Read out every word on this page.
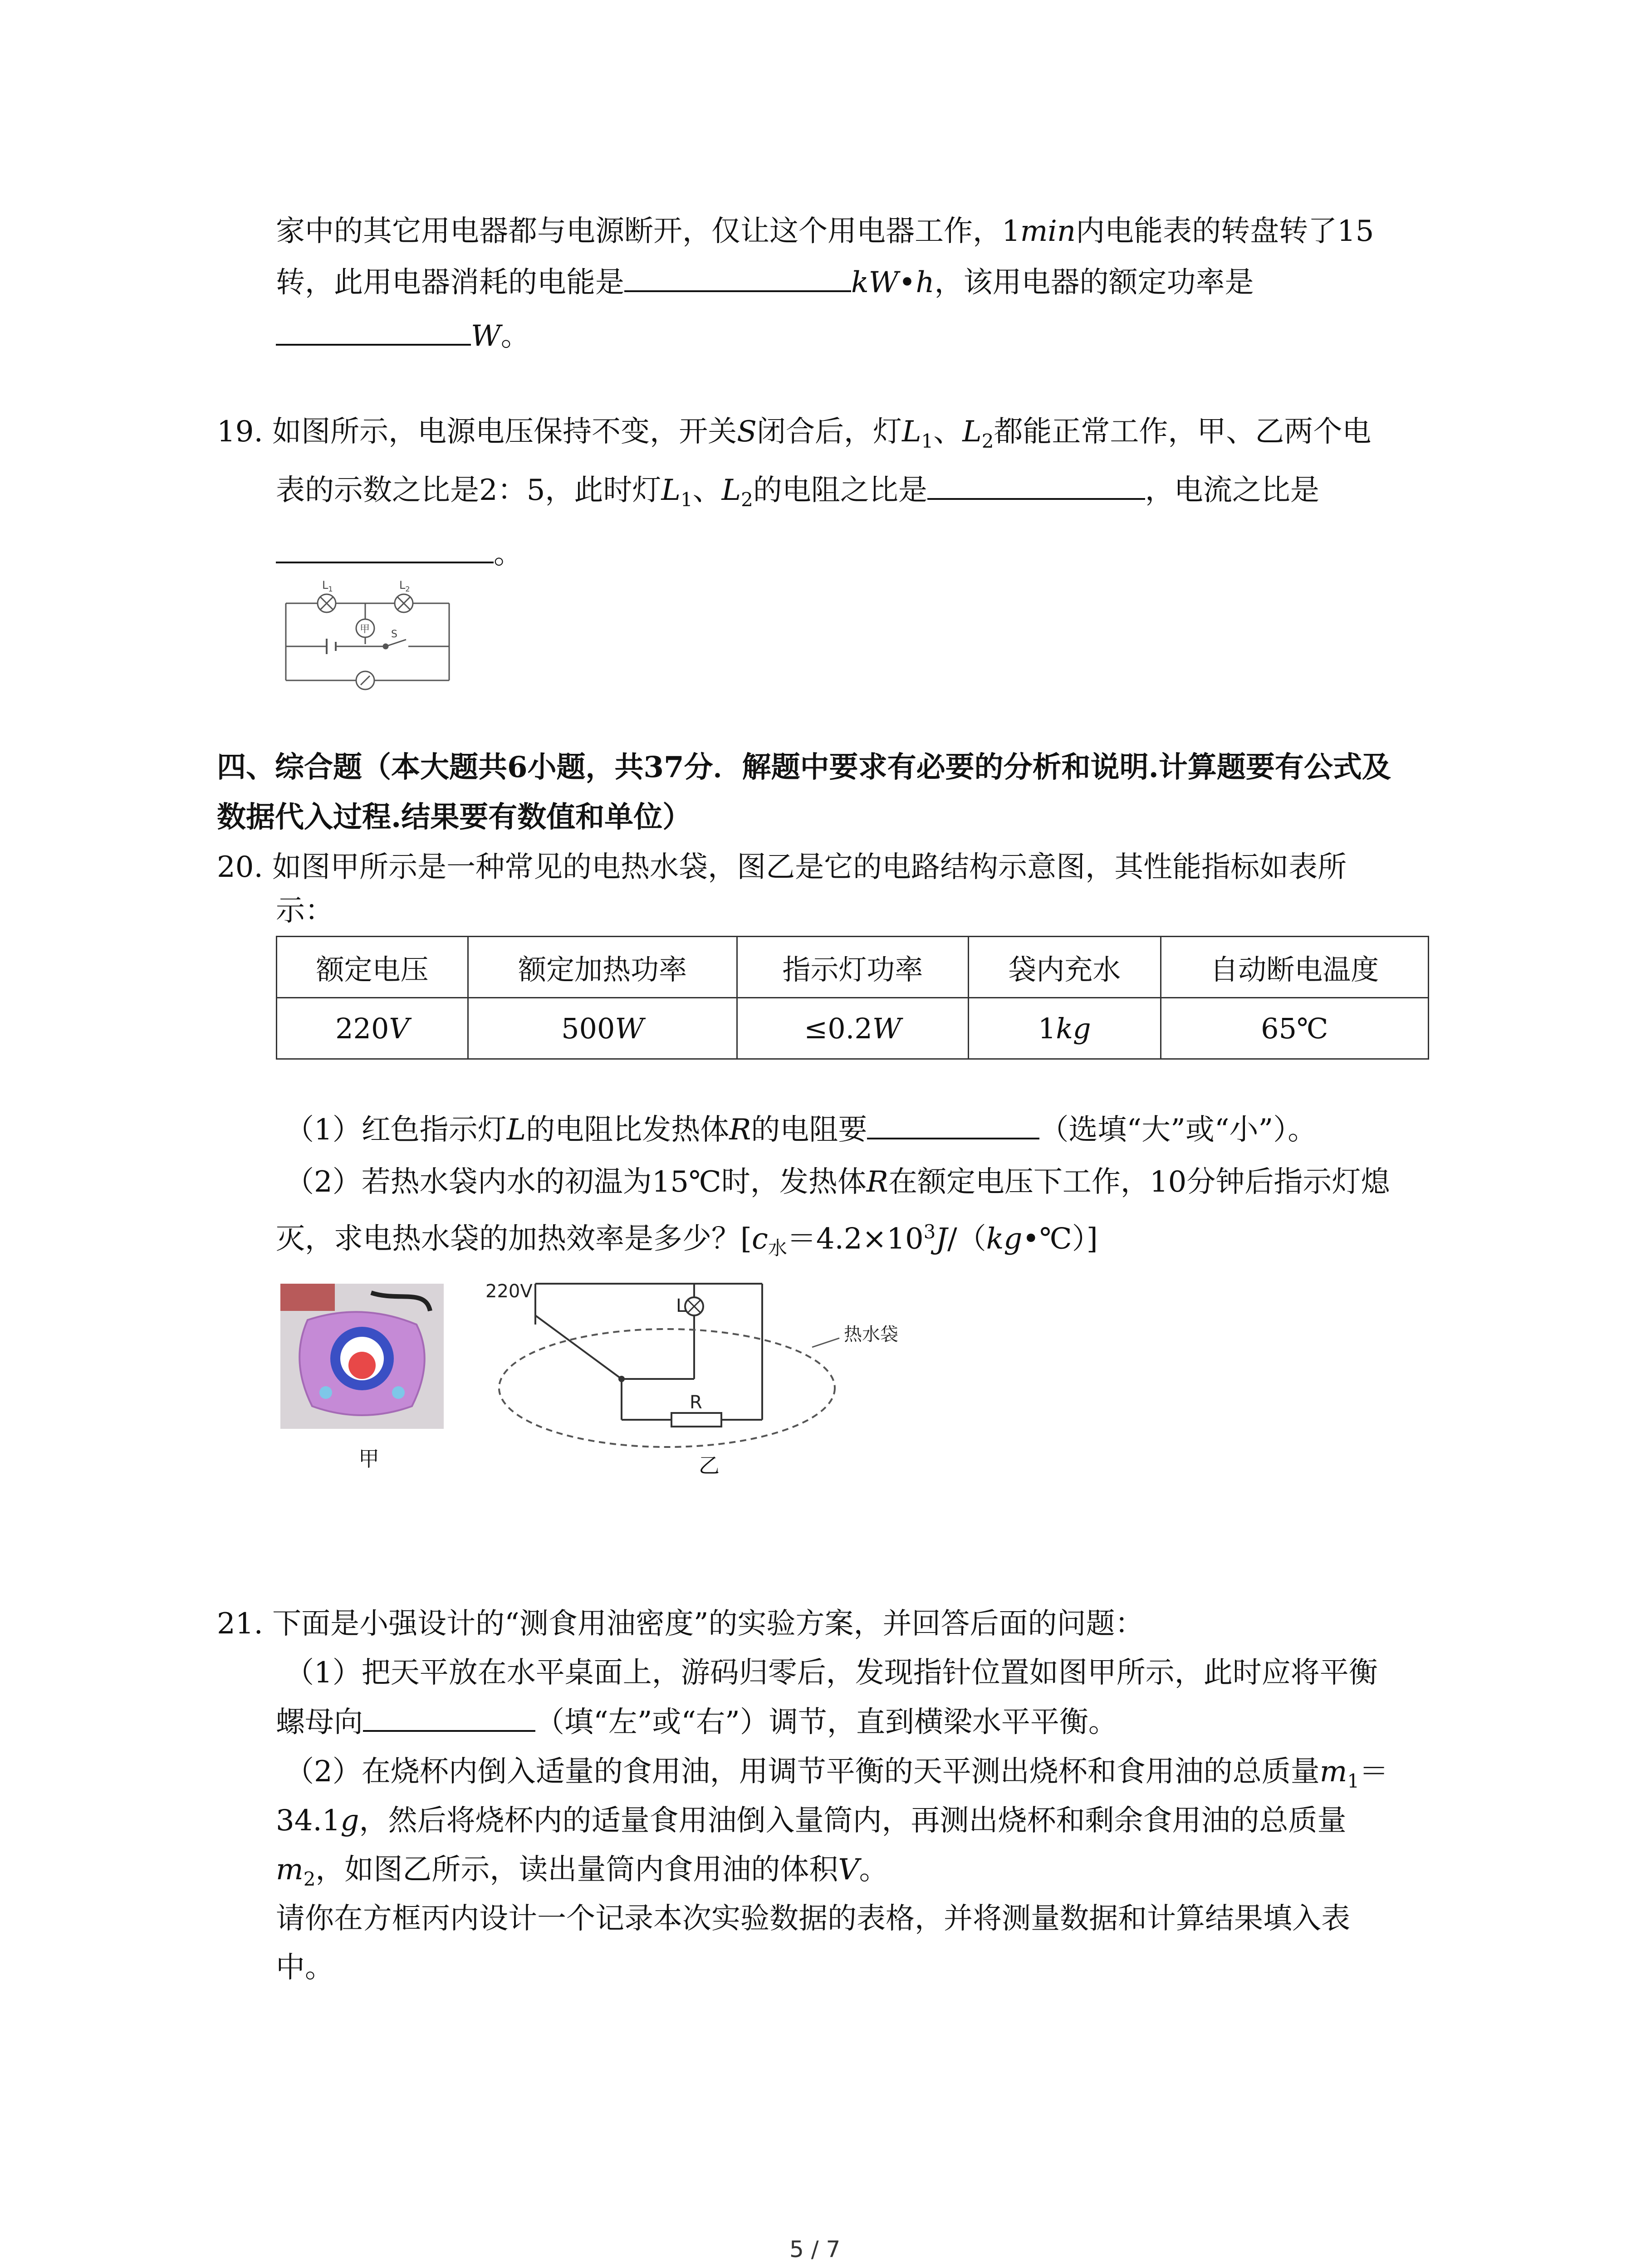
家中的其它用电器都与电源断开，仅让这个用电器工作，1min内电能表的转盘转了15
转，此用电器消耗的电能是	kW•h，该用电器的额定功率是
W。
19. 如图所示，电源电压保持不变，开关S闭合后，灯$L_1$、$L_2$都能正常工作，甲、乙两个电
表的示数之比是2：5，此时灯$L_1$、$L_2$的电阻之比是	，电流之比是
。
$L_1$	$L_2$
甲 S
四、综合题（本大题共6小题，共37分．解题中要求有必要的分析和说明.计算题要有公式及
数据代入过程.结果要有数值和单位）
20. 如图甲所示是一种常见的电热水袋，图乙是它的电路结构示意图，其性能指标如表所
示：
额定电压	额定加热功率	指示灯功率	袋内充水	自动断电温度
220V	500W	≤0.2W	1kg	65℃
（1）红色指示灯L的电阻比发热体R的电阻要	（选填“大”或“小”）。
（2）若热水袋内水的初温为15℃时，发热体R在额定电压下工作，10分钟后指示灯熄
灭，求电热水袋的加热效率是多少？$[c_水=4.2\times 10^3J/(kg•℃)]$
甲
220V
L
R
热水袋
乙
21. 下面是小强设计的“测食用油密度”的实验方案，并回答后面的问题：
（1）把天平放在水平桌面上，游码归零后，发现指针位置如图甲所示，此时应将平衡
螺母向	（填“左”或“右”）调节，直到横梁水平平衡。
（2）在烧杯内倒入适量的食用油，用调节平衡的天平测出烧杯和食用油的总质量$m_1=$
34.1g，然后将烧杯内的适量食用油倒入量筒内，再测出烧杯和剩余食用油的总质量
$m_2$，如图乙所示，读出量筒内食用油的体积V。
请你在方框丙内设计一个记录本次实验数据的表格，并将测量数据和计算结果填入表
中。
5 / 7
